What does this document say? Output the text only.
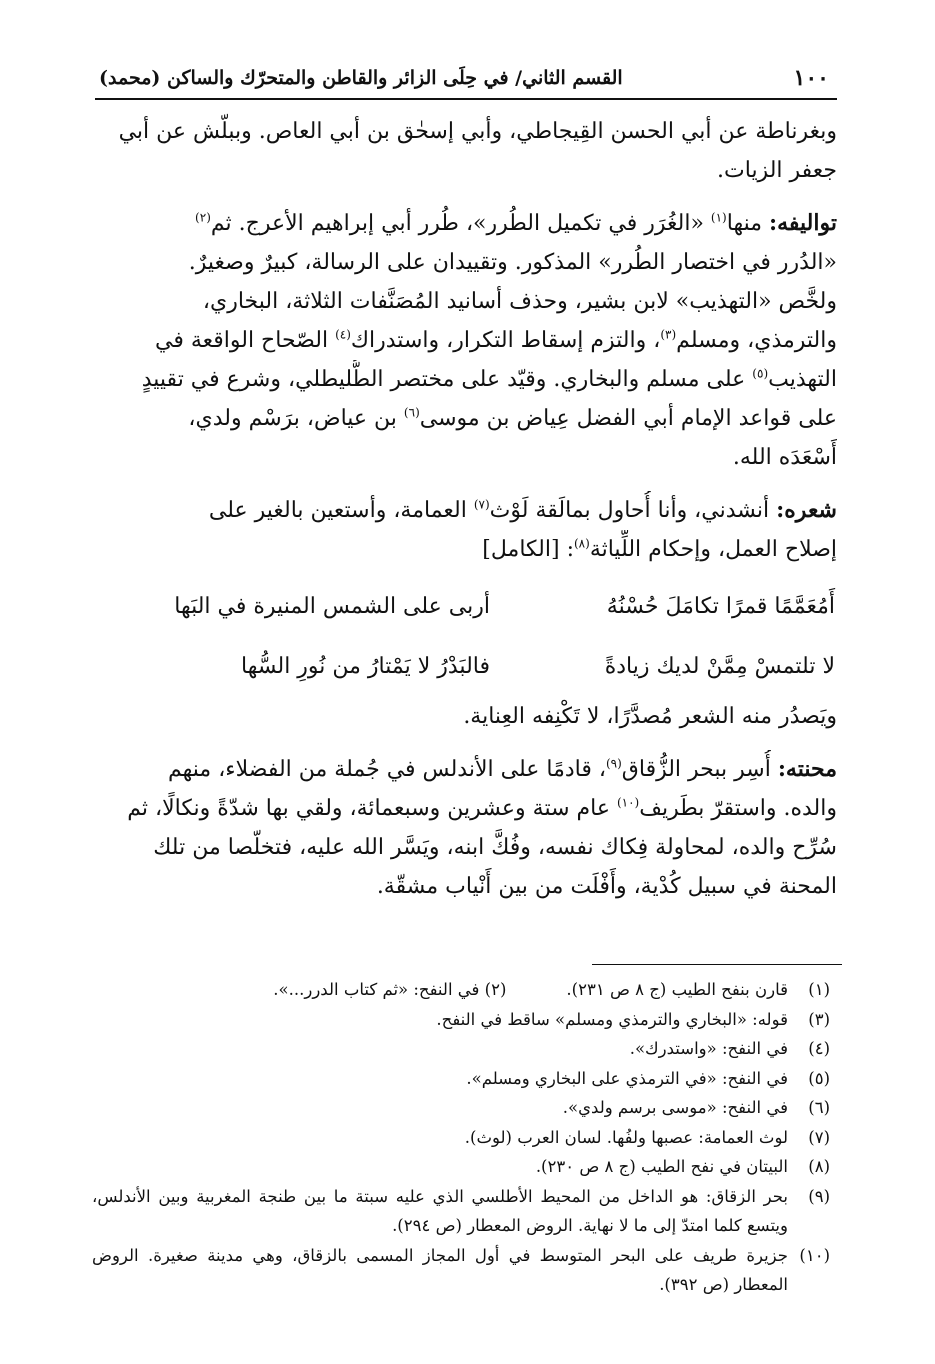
١٠٠
القسم الثاني/ في حِلَى الزائر والقاطن والمتحرّك والساكن (محمد)

وبغرناطة عن أبي الحسن القِيجاطي، وأبي إسحٰق بن أبي العاص. وببلّش عن أبي
جعفر الزيات.

تواليفه: منها$^{(١)}$ «الغُرَر في تكميل الطُرر»، طُرر أبي إبراهيم الأعرج. ثم$^{(٢)}$
«الدُرر في اختصار الطُرر» المذكور. وتقييدان على الرسالة، كبيرٌ وصغيرٌ.
ولخَّص «التهذيب» لابن بشير، وحذف أسانيد المُصَنَّفات الثلاثة، البخاري،
والترمذي، ومسلم$^{(٣)}$، والتزم إسقاط التكرار، واستدراك$^{(٤)}$ الصّحاح الواقعة في
التهذيب$^{(٥)}$ على مسلم والبخاري. وقيّد على مختصر الطُّليطلي، وشرع في تقييدٍ
على قواعد الإمام أبي الفضل عِياض بن موسى$^{(٦)}$ بن عياض، برَسْم ولدي،
أَسْعَدَه الله.

شعره: أنشدني، وأنا أُحاول بمالَقة لَوْث$^{(٧)}$ العمامة، وأستعين بالغير على
إصلاح العمل، وإحكام اللِّياثة$^{(٨)}$: [الكامل]

أَمُعَمَّمًا قمرًا تكامَلَ حُسْنُهُ
أربى على الشمس المنيرة في البَها
لا تلتمسْ مِمَّنْ لديك زيادةً
فالبَدْرُ لا يَمْتارُ من نُورِ السُّها

ويَصدُر منه الشعر مُصدَّرًا، لا تَكْنِفه العِناية.

محنته: أُسِر ببحر الزُّقاق$^{(٩)}$، قادمًا على الأندلس في جُملة من الفضلاء، منهم
والده. واستقرّ بطَريف$^{(١٠)}$ عام ستة وعشرين وسبعمائة، ولقي بها شدّةً ونكالًا، ثم
سُرِّح والده، لمحاولة فِكاك نفسه، وفُكَّ ابنه، ويَسَّر الله عليه، فتخلّصا من تلك
المحنة في سبيل كُدْية، وأَفْلَت من بين أَنْياب مشقّة.

(١)
قارن بنفح الطيب (ج ٨ ص ٢٣١).(٢) في النفح: «ثم كتاب الدرر...».
(٣)
قوله: «البخاري والترمذي ومسلم» ساقط في النفح.
(٤)
في النفح: «واستدرك».
(٥)
في النفح: «في الترمذي على البخاري ومسلم».
(٦)
في النفح: «موسى برسم ولدي».
(٧)
لوث العمامة: عصبها ولفُها. لسان العرب (لوث).
(٨)
البيتان في نفح الطيب (ج ٨ ص ٢٣٠).
(٩)
بحر الزقاق: هو الداخل من المحيط الأطلسي الذي عليه سبتة ما بين طنجة المغربية وبين الأندلس، ويتسع كلما امتدّ إلى ما لا نهاية. الروض المعطار (ص ٢٩٤).
(١٠)
جزيرة طريف على البحر المتوسط في أول المجاز المسمى بالزقاق، وهي مدينة صغيرة. الروض المعطار (ص ٣٩٢).
